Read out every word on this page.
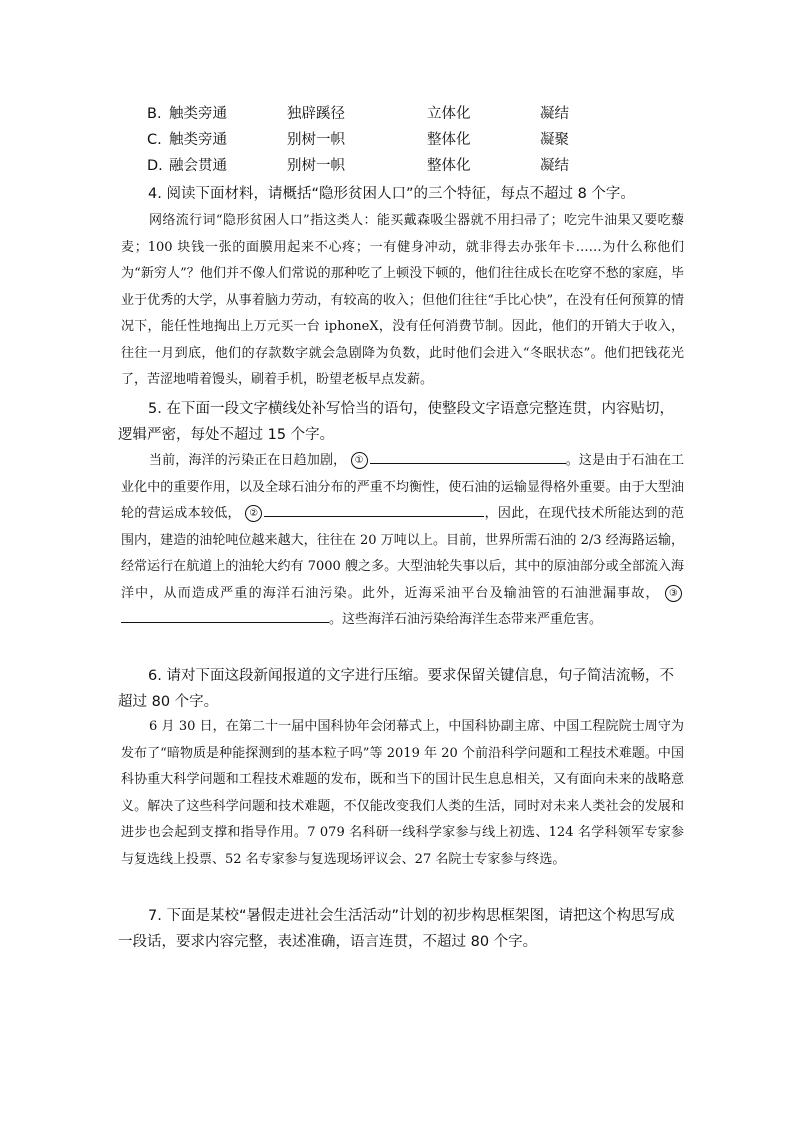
B. 触类旁通	独辟蹊径	立体化	凝结
C. 触类旁通	别树一帜	整体化	凝聚
D. 融会贯通	别树一帜	整体化	凝结
4. 阅读下面材料，请概括“隐形贫困人口”的三个特征，每点不超过 8 个字。
网络流行词“隐形贫困人口”指这类人：能买戴森吸尘器就不用扫帚了；吃完牛油果又要吃藜麦；100 块钱一张的面膜用起来不心疼；一有健身冲动，就非得去办张年卡……为什么称他们为“新穷人”？他们并不像人们常说的那种吃了上顿没下顿的，他们往往成长在吃穿不愁的家庭，毕业于优秀的大学，从事着脑力劳动，有较高的收入；但他们往往“手比心快”，在没有任何预算的情况下，能任性地掏出上万元买一台 iphoneX，没有任何消费节制。因此，他们的开销大于收入，往往一月到底，他们的存款数字就会急剧降为负数，此时他们会进入“冬眠状态”。他们把钱花光了，苦涩地啃着馒头，刷着手机，盼望老板早点发薪。
5. 在下面一段文字横线处补写恰当的语句，使整段文字语意完整连贯，内容贴切，逻辑严密，每处不超过 15 个字。
当前，海洋的污染正在日趋加剧， ①	。这是由于石油在工业化中的重要作用，以及全球石油分布的严重不均衡性，使石油的运输显得格外重要。由于大型油轮的营运成本较低， ②	，因此，在现代技术所能达到的范围内，建造的油轮吨位越来越大，往往在 20 万吨以上。目前，世界所需石油的 2/3 经海路运输，经常运行在航道上的油轮大约有 7000 艘之多。大型油轮失事以后，其中的原油部分或全部流入海洋中，从而造成严重的海洋石油污染。此外，近海采油平台及输油管的石油泄漏事故， ③。这些海洋石油污染给海洋生态带来严重危害。
6. 请对下面这段新闻报道的文字进行压缩。要求保留关键信息，句子简洁流畅，不超过 80 个字。
6 月 30 日，在第二十一届中国科协年会闭幕式上，中国科协副主席、中国工程院院士周守为发布了“暗物质是种能探测到的基本粒子吗”等 2019 年 20 个前沿科学问题和工程技术难题。中国科协重大科学问题和工程技术难题的发布，既和当下的国计民生息息相关，又有面向未来的战略意义。解决了这些科学问题和技术难题，不仅能改变我们人类的生活，同时对未来人类社会的发展和进步也会起到支撑和指导作用。7 079 名科研一线科学家参与线上初选、124 名学科领军专家参与复选线上投票、52 名专家参与复选现场评议会、27 名院士专家参与终选。
7. 下面是某校“暑假走进社会生活活动”计划的初步构思框架图，请把这个构思写成一段话，要求内容完整，表述准确，语言连贯，不超过 80 个字。
